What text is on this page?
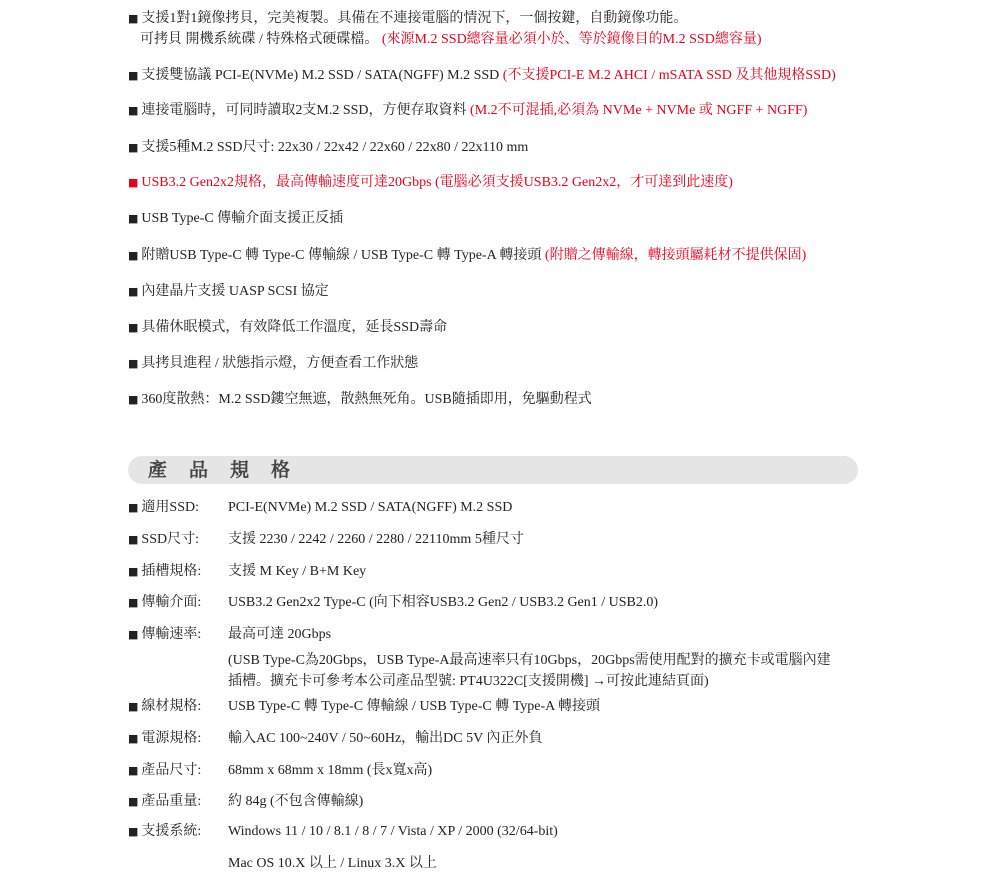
■ 支援1對1鏡像拷貝，完美複製。具備在不連接電腦的情況下，一個按鍵，自動鏡像功能。
可拷貝 開機系統碟 / 特殊格式硬碟檔。 (來源M.2 SSD總容量必須小於、等於鏡像目的M.2 SSD總容量)
■ 支援雙協議 PCI-E(NVMe) M.2 SSD / SATA(NGFF) M.2 SSD (不支援PCI-E M.2 AHCI / mSATA SSD 及其他規格SSD)
■ 連接電腦時，可同時讀取2支M.2 SSD，方便存取資料 (M.2不可混插,必須為 NVMe + NVMe 或 NGFF + NGFF)
■ 支援5種M.2 SSD尺寸: 22x30 / 22x42 / 22x60 / 22x80 / 22x110 mm
■ USB3.2 Gen2x2規格，最高傳輸速度可達20Gbps (電腦必須支援USB3.2 Gen2x2，才可達到此速度)
■ USB Type-C 傳輸介面支援正反插
■ 附贈USB Type-C 轉 Type-C 傳輸線 / USB Type-C 轉 Type-A 轉接頭 (附贈之傳輸線，轉接頭屬耗材不提供保固)
■ 內建晶片支援 UASP SCSI 協定
■ 具備休眠模式，有效降低工作溫度，延長SSD壽命
■ 具拷貝進程 / 狀態指示燈，方便查看工作狀態
■ 360度散熱：M.2 SSD鏤空無遮，散熱無死角。USB隨插即用，免驅動程式
產品規格
■ 適用SSD: PCI-E(NVMe) M.2 SSD / SATA(NGFF) M.2 SSD
■ SSD尺寸: 支援 2230 / 2242 / 2260 / 2280 / 22110mm 5種尺寸
■ 插槽規格: 支援 M Key / B+M Key
■ 傳輸介面: USB3.2 Gen2x2 Type-C (向下相容USB3.2 Gen2 / USB3.2 Gen1 / USB2.0)
■ 傳輸速率: 最高可達 20Gbps
(USB Type-C為20Gbps，USB Type-A最高速率只有10Gbps，20Gbps需使用配對的擴充卡或電腦內建
插槽。擴充卡可參考本公司產品型號: PT4U322C[支援開機] →可按此連結頁面)
■ 線材規格: USB Type-C 轉 Type-C 傳輸線 / USB Type-C 轉 Type-A 轉接頭
■ 電源規格: 輸入AC 100~240V / 50~60Hz，輸出DC 5V 內正外負
■ 產品尺寸: 68mm x 68mm x 18mm (長x寬x高)
■ 產品重量: 約 84g (不包含傳輸線)
■ 支援系統: Windows 11 / 10 / 8.1 / 8 / 7 / Vista / XP / 2000 (32/64-bit)
Mac OS 10.X 以上 / Linux 3.X 以上
